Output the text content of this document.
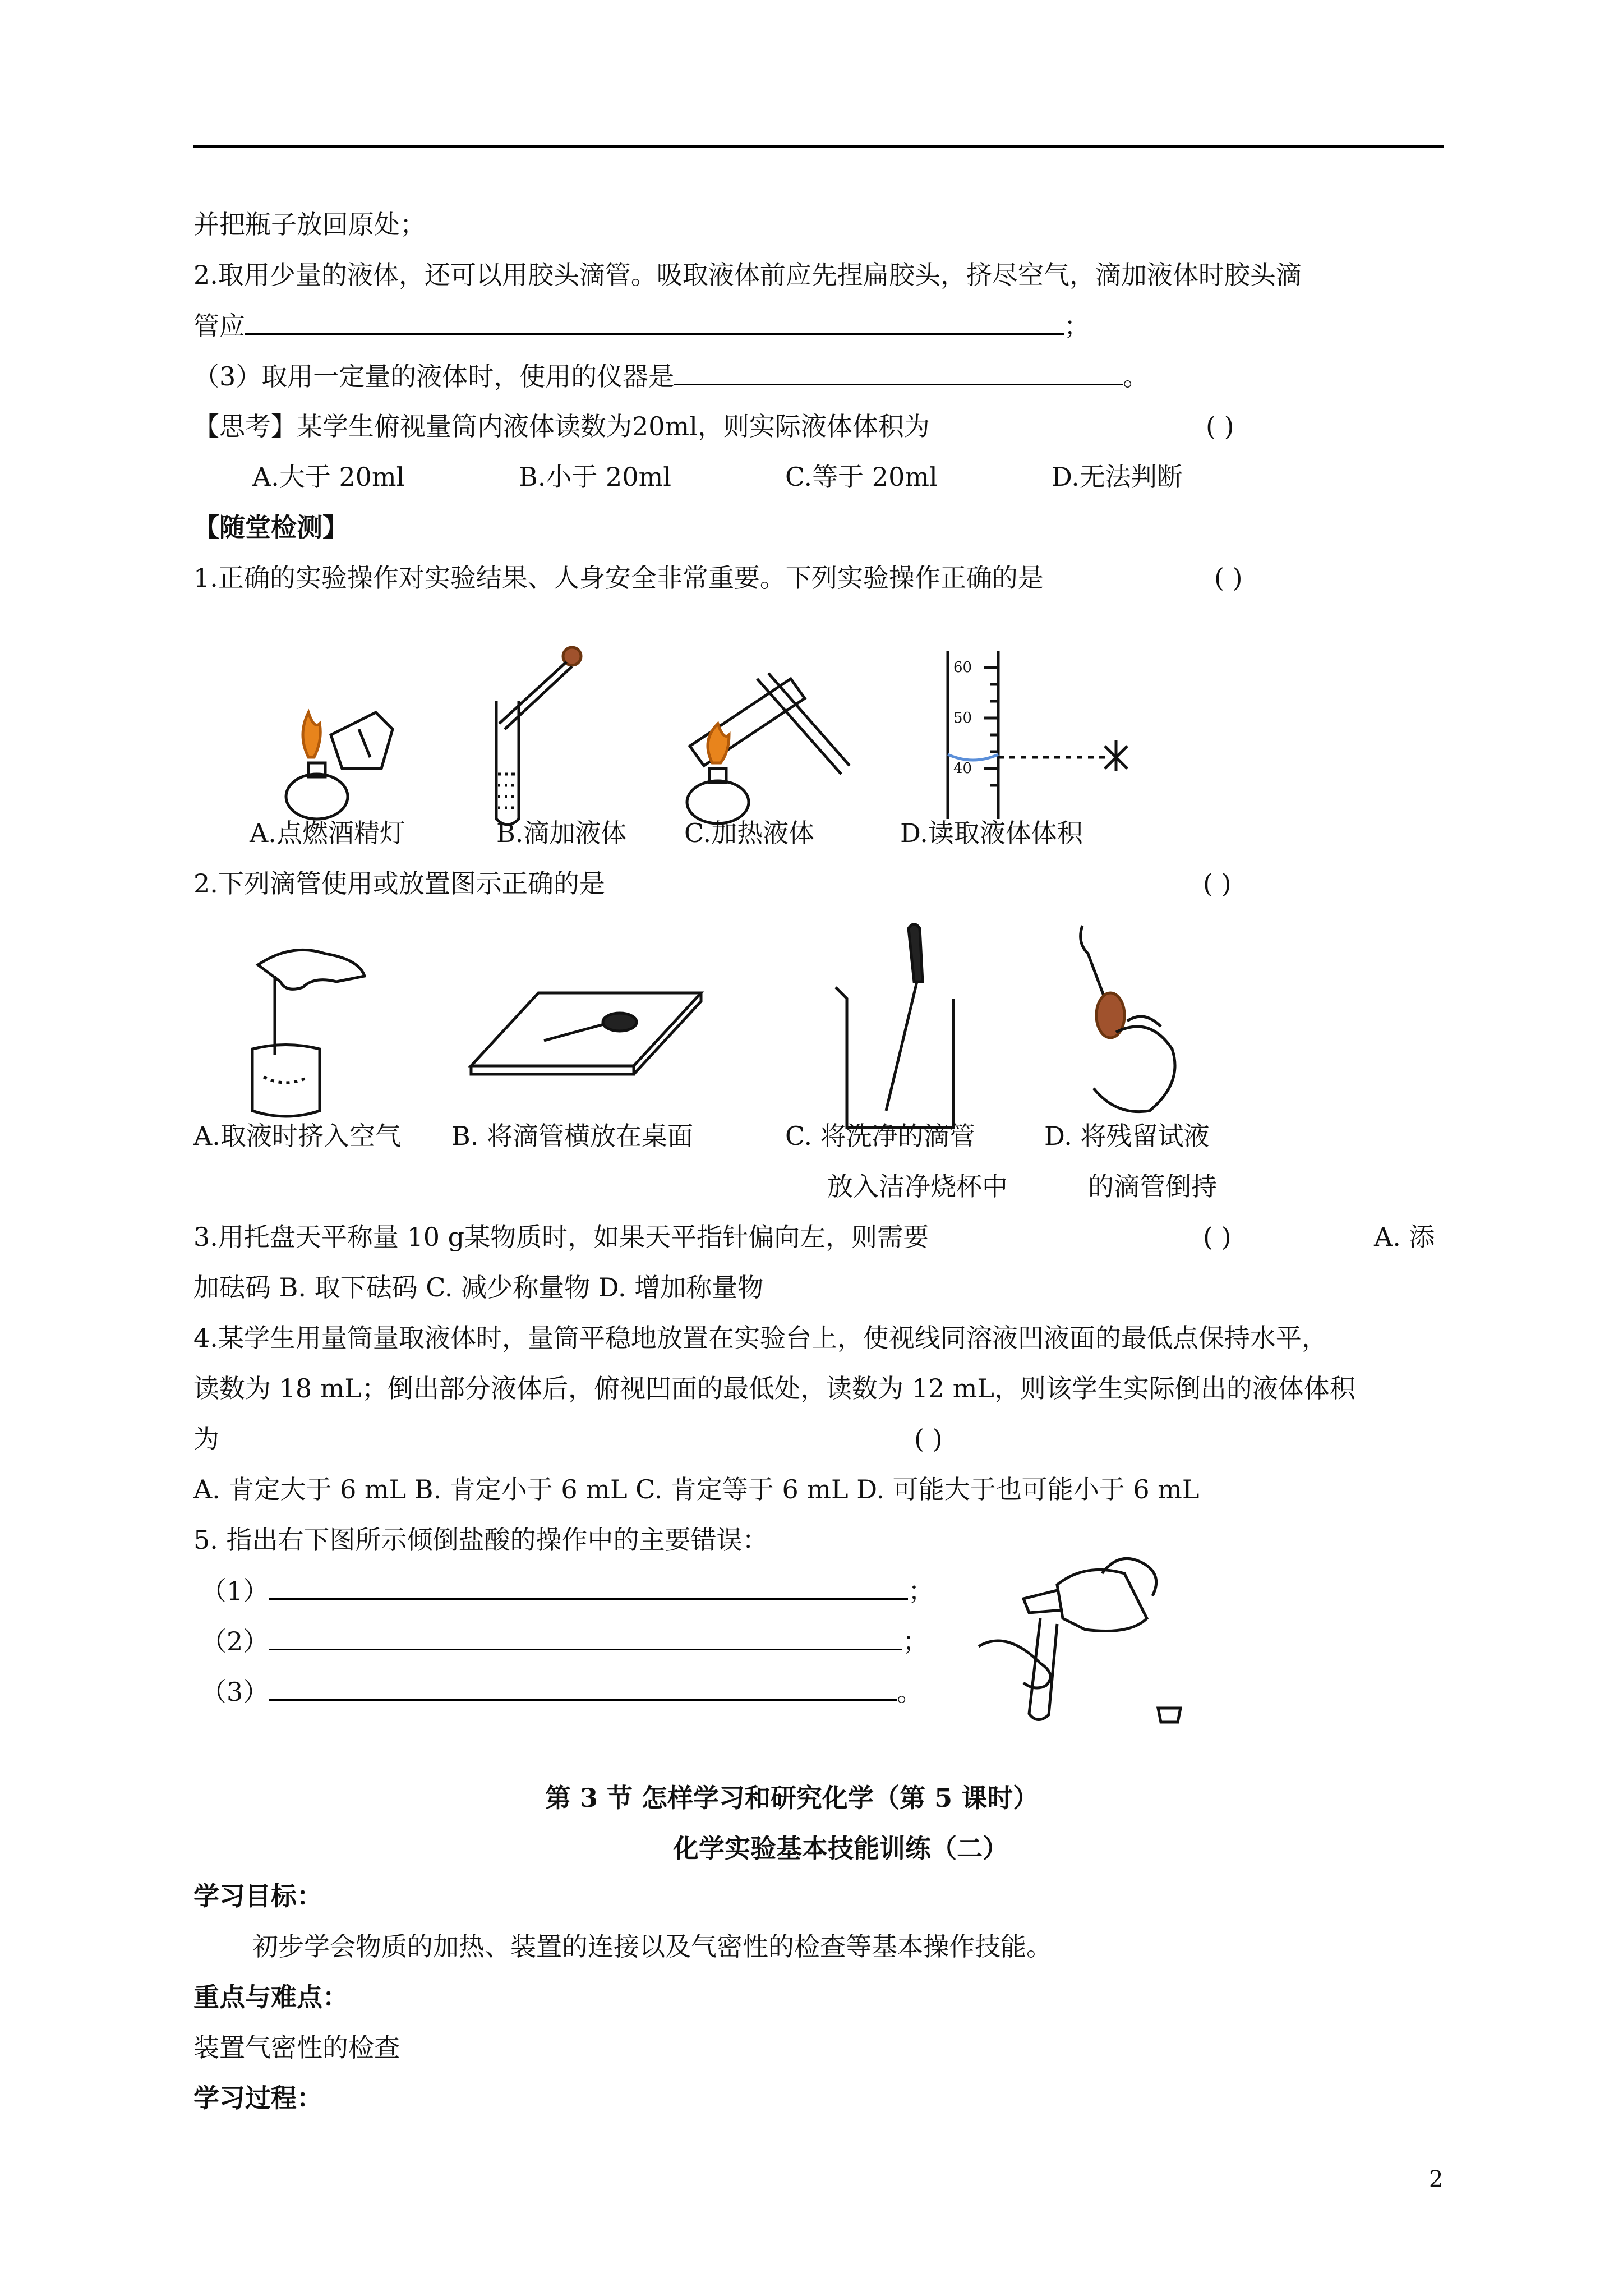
并把瓶子放回原处；
2.取用少量的液体，还可以用胶头滴管。吸取液体前应先捏扁胶头，挤尽空气，滴加液体时胶头滴
管应	；
（3）取用一定量的液体时，使用的仪器是	。
【思考】某学生俯视量筒内液体读数为20ml，则实际液体体积为	( )
A.大于 20ml	B.小于 20ml	C.等于 20ml	D.无法判断
【随堂检测】
1.正确的实验操作对实验结果、人身安全非常重要。下列实验操作正确的是	( )
60
50
40
A.点燃酒精灯	B.滴加液体 C.加热液体	D.读取液体体积
2.下列滴管使用或放置图示正确的是	( )
A.取液时挤入空气 B. 将滴管横放在桌面	C. 将洗净的滴管
放入洁净烧杯中
D. 将残留试液
的滴管倒持
3.用托盘天平称量 10 g某物质时，如果天平指针偏向左，则需要	( )	A. 添
加砝码 B. 取下砝码 C. 减少称量物 D. 增加称量物
4.某学生用量筒量取液体时，量筒平稳地放置在实验台上，使视线同溶液凹液面的最低点保持水平，
读数为 18 mL；倒出部分液体后，俯视凹面的最低处，读数为 12 mL，则该学生实际倒出的液体体积
为	( )
A. 肯定大于 6 mL B. 肯定小于 6 mL C. 肯定等于 6 mL D. 可能大于也可能小于 6 mL
5. 指出右下图所示倾倒盐酸的操作中的主要错误：
（1）	；
（2）	；
（3）	。
第 3 节 怎样学习和研究化学（第 5 课时）
化学实验基本技能训练（二）
学习目标：
初步学会物质的加热、装置的连接以及气密性的检查等基本操作技能。
重点与难点：
装置气密性的检查
学习过程：
2
